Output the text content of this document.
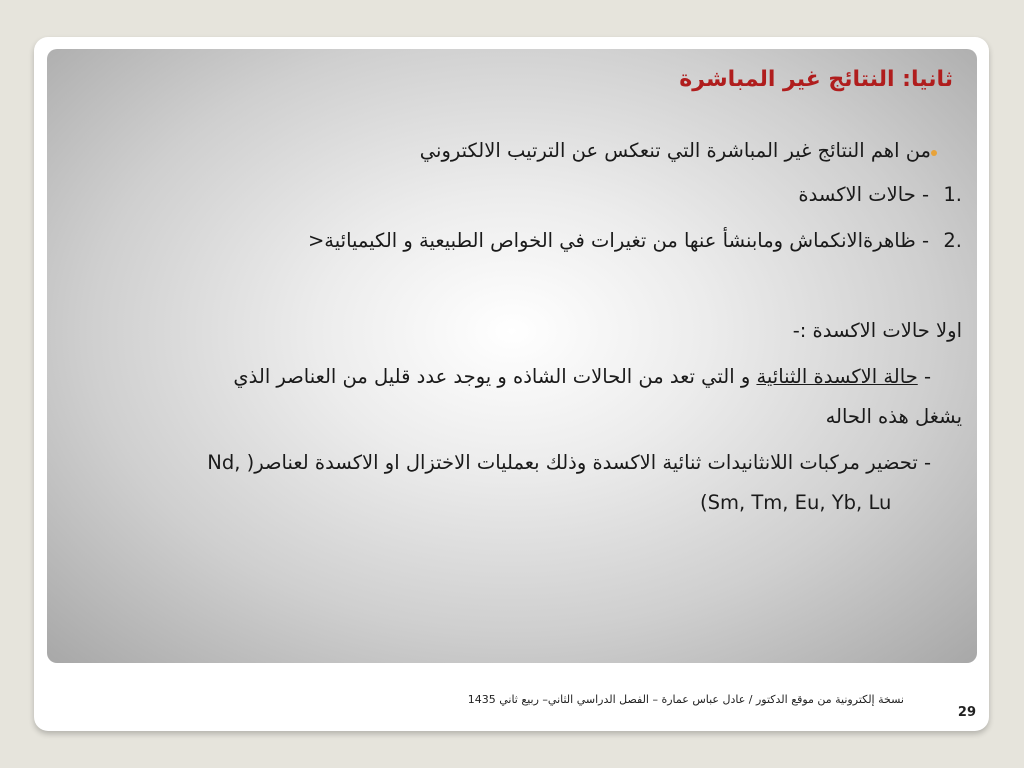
ثانيا: النتائج غير المباشرة

من اهم النتائج غير المباشرة التي تنعكس عن الترتيب الالكتروني

1.

- حالات الاكسدة

2.

- ظاهرةالانكماش ومابنشأ عنها من تغيرات في الخواص الطبيعية و الكيميائية<

اولا حالات الاكسدة :-

- حالة الاكسدة الثنائية و التي تعد من الحالات الشاذه و يوجد عدد قليل من العناصر الذي

يشغل هذه الحاله

- تحضير مركبات اللانثانيدات ثنائية الاكسدة وذلك بعمليات الاختزال او الاكسدة لعناصر( ,Nd

(Sm, Tm, Eu, Yb, Lu

نسخة إلكترونية من موقع الدكتور / عادل عباس عمارة – الفصل الدراسي الثاني– ربيع ثاني 1435

29
